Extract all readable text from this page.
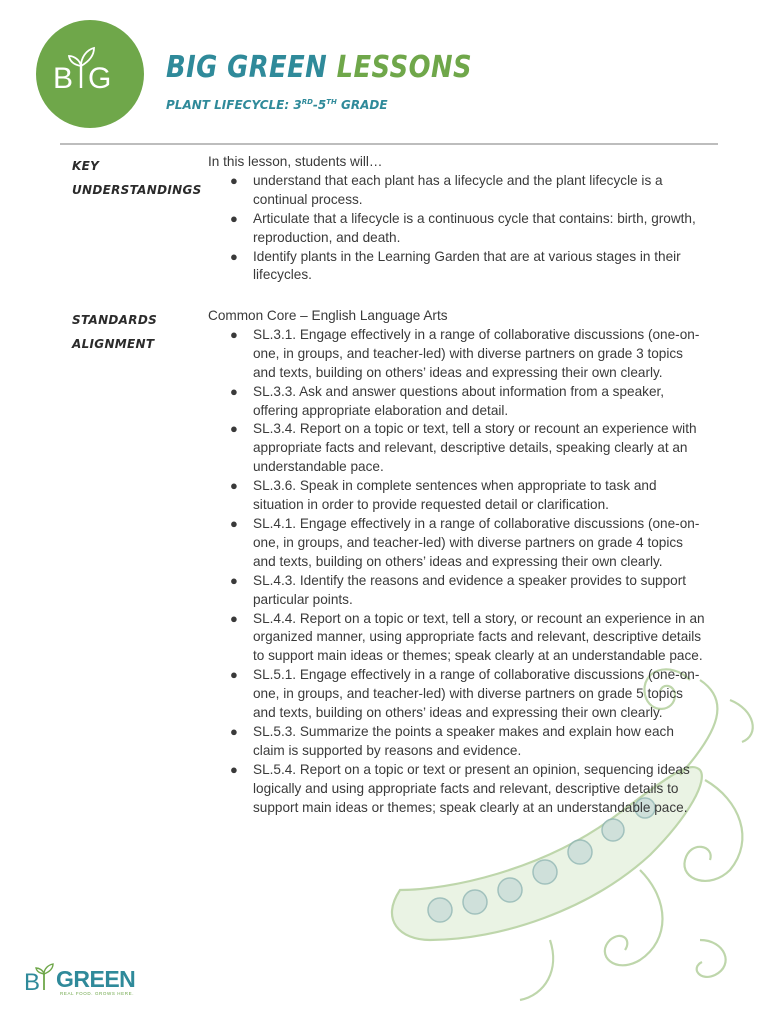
B G BIG GREEN LESSONS

PLANT LIFECYCLE: 3RD-5TH GRADE

KEY
UNDERSTANDINGS

In this lesson, students will…

● understand that each plant has a lifecycle and the plant lifecycle is a continual process.
● Articulate that a lifecycle is a continuous cycle that contains: birth, growth, reproduction, and death.
● Identify plants in the Learning Garden that are at various stages in their lifecycles.
STANDARDS
ALIGNMENT

Common Core – English Language Arts

● SL.3.1. Engage effectively in a range of collaborative discussions (one-on-one, in groups, and teacher-led) with diverse partners on grade 3 topics and texts, building on others’ ideas and expressing their own clearly.
● SL.3.3. Ask and answer questions about information from a speaker, offering appropriate elaboration and detail.
● SL.3.4. Report on a topic or text, tell a story or recount an experience with appropriate facts and relevant, descriptive details, speaking clearly at an understandable pace.
● SL.3.6. Speak in complete sentences when appropriate to task and situation in order to provide requested detail or clarification.
● SL.4.1. Engage effectively in a range of collaborative discussions (one-on-one, in groups, and teacher-led) with diverse partners on grade 4 topics and texts, building on others’ ideas and expressing their own clearly.
● SL.4.3. Identify the reasons and evidence a speaker provides to support particular points.
● SL.4.4. Report on a topic or text, tell a story, or recount an experience in an organized manner, using appropriate facts and relevant, descriptive details to support main ideas or themes; speak clearly at an understandable pace.
● SL.5.1. Engage effectively in a range of collaborative discussions (one-on-one, in groups, and teacher-led) with diverse partners on grade 5 topics and texts, building on others’ ideas and expressing their own clearly.
● SL.5.3. Summarize the points a speaker makes and explain how each claim is supported by reasons and evidence.
● SL.5.4. Report on a topic or text or present an opinion, sequencing ideas logically and using appropriate facts and relevant, descriptive details to support main ideas or themes; speak clearly at an understandable pace.
B GREEN
REAL FOOD. GROWS HERE.
